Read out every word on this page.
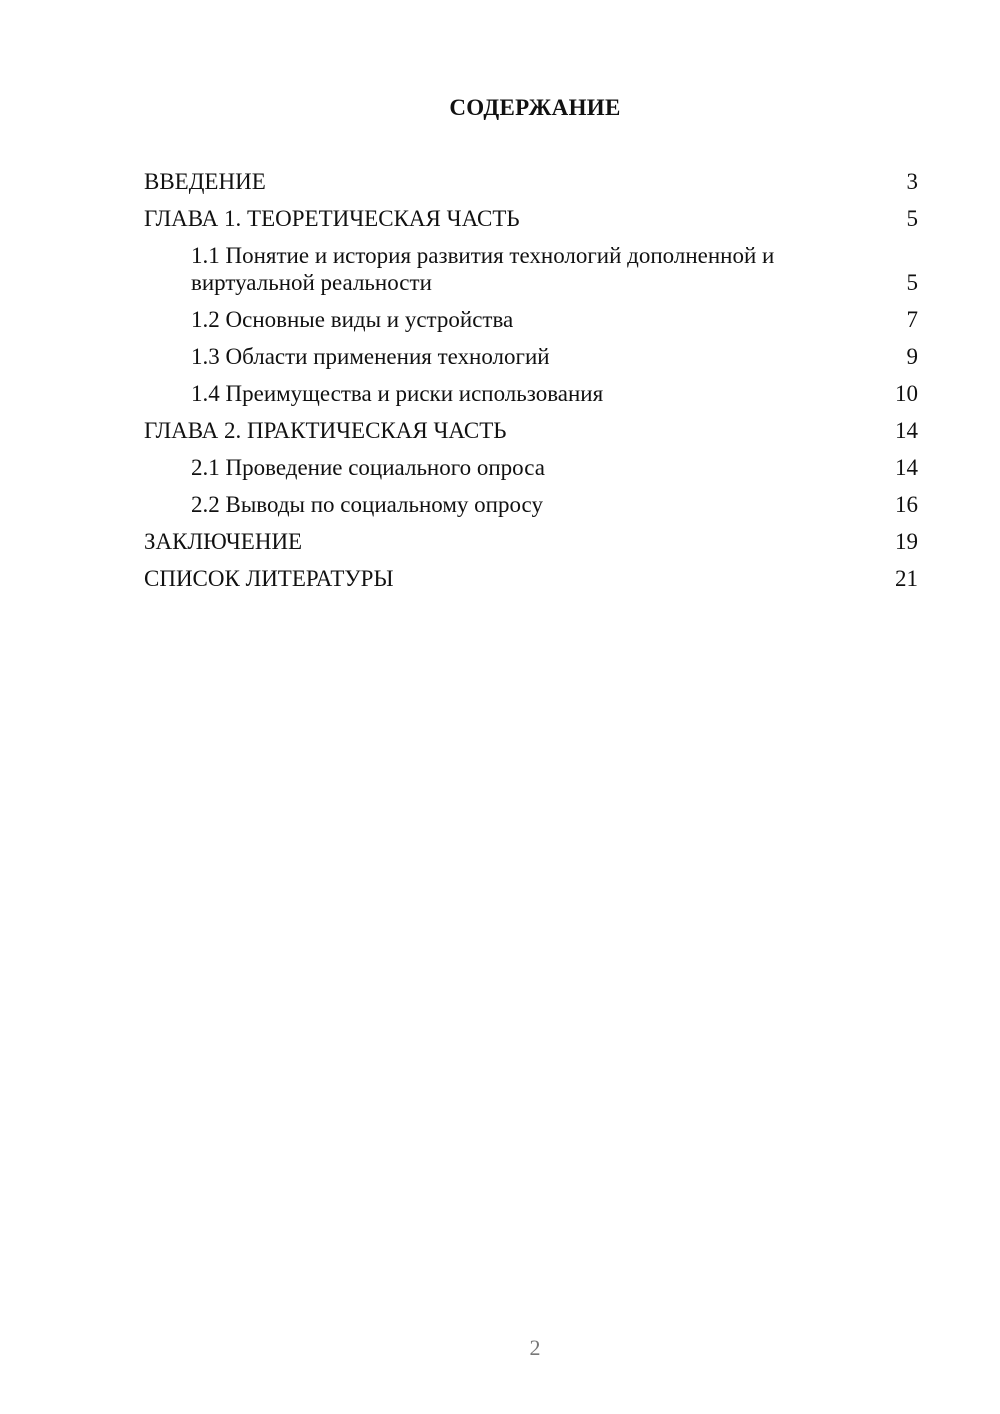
СОДЕРЖАНИЕ
ВВЕДЕНИЕ	3
ГЛАВА 1. ТЕОРЕТИЧЕСКАЯ ЧАСТЬ	5
1.1 Понятие и история развития технологий дополненной и
виртуальной реальности	5
1.2 Основные виды и устройства	7
1.3 Области применения технологий	9
1.4 Преимущества и риски использования	10
ГЛАВА 2. ПРАКТИЧЕСКАЯ ЧАСТЬ	14
2.1 Проведение социального опроса	14
2.2 Выводы по социальному опросу	16
ЗАКЛЮЧЕНИЕ	19
СПИСОК ЛИТЕРАТУРЫ	21
2
